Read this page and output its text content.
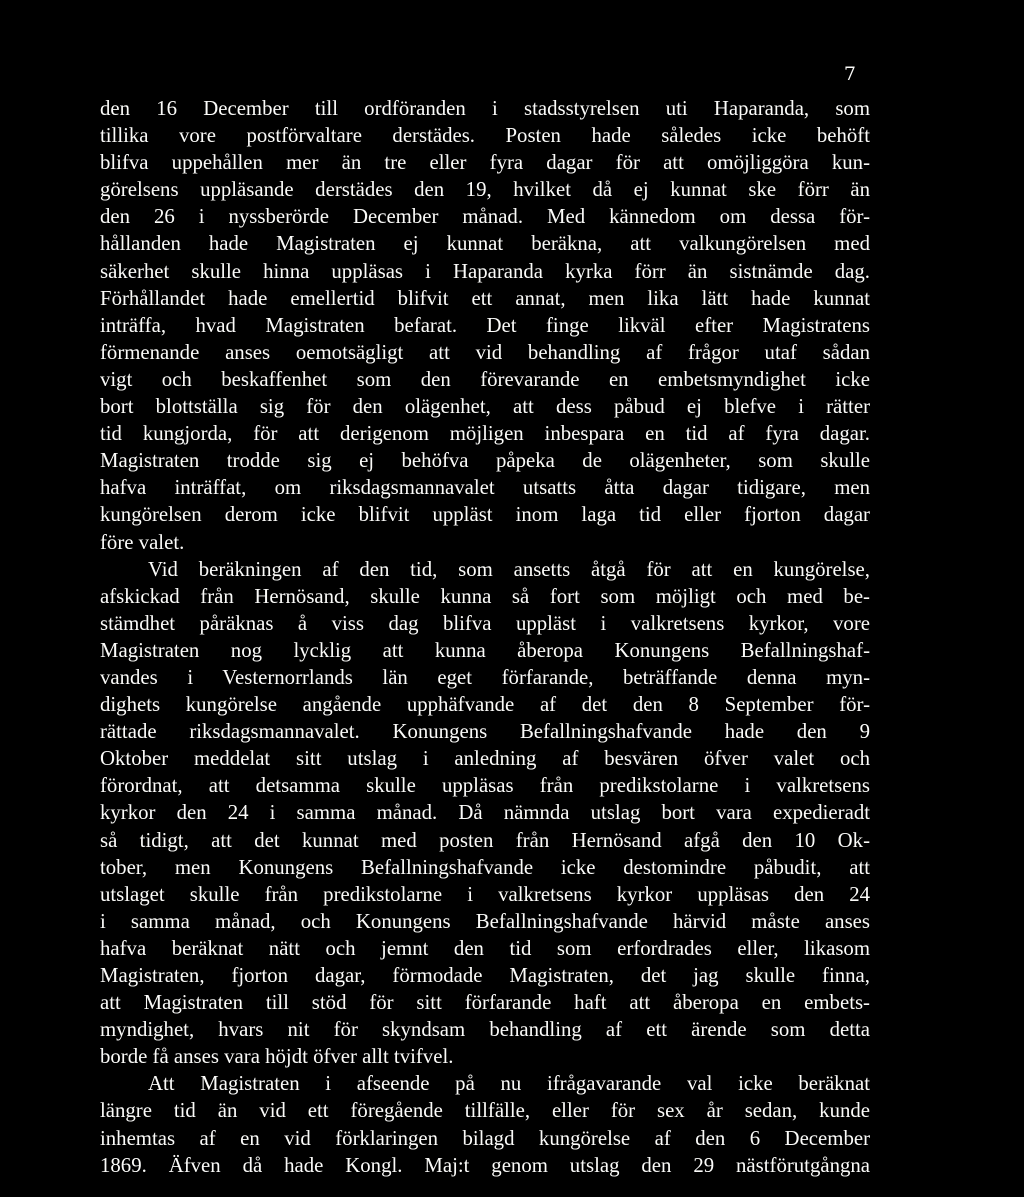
7
den 16 December till ordföranden i stadsstyrelsen uti Haparanda, som
tillika vore postförvaltare derstädes. Posten hade således icke behöft
blifva uppehållen mer än tre eller fyra dagar för att omöjliggöra kun-
görelsens uppläsande derstädes den 19, hvilket då ej kunnat ske förr än
den 26 i nyssberörde December månad. Med kännedom om dessa för-
hållanden hade Magistraten ej kunnat beräkna, att valkungörelsen med
säkerhet skulle hinna uppläsas i Haparanda kyrka förr än sistnämde dag.
Förhållandet hade emellertid blifvit ett annat, men lika lätt hade kunnat
inträffa, hvad Magistraten befarat. Det finge likväl efter Magistratens
förmenande anses oemotsägligt att vid behandling af frågor utaf sådan
vigt och beskaffenhet som den förevarande en embetsmyndighet icke
bort blottställa sig för den olägenhet, att dess påbud ej blefve i rätter
tid kungjorda, för att derigenom möjligen inbespara en tid af fyra dagar.
Magistraten trodde sig ej behöfva påpeka de olägenheter, som skulle
hafva inträffat, om riksdagsmannavalet utsatts åtta dagar tidigare, men
kungörelsen derom icke blifvit uppläst inom laga tid eller fjorton dagar
före valet.
Vid beräkningen af den tid, som ansetts åtgå för att en kungörelse,
afskickad från Hernösand, skulle kunna så fort som möjligt och med be-
stämdhet påräknas å viss dag blifva uppläst i valkretsens kyrkor, vore
Magistraten nog lycklig att kunna åberopa Konungens Befallningshaf-
vandes i Vesternorrlands län eget förfarande, beträffande denna myn-
dighets kungörelse angående upphäfvande af det den 8 September för-
rättade riksdagsmannavalet. Konungens Befallningshafvande hade den 9
Oktober meddelat sitt utslag i anledning af besvären öfver valet och
förordnat, att detsamma skulle uppläsas från predikstolarne i valkretsens
kyrkor den 24 i samma månad. Då nämnda utslag bort vara expedieradt
så tidigt, att det kunnat med posten från Hernösand afgå den 10 Ok-
tober, men Konungens Befallningshafvande icke destomindre påbudit, att
utslaget skulle från predikstolarne i valkretsens kyrkor uppläsas den 24
i samma månad, och Konungens Befallningshafvande härvid måste anses
hafva beräknat nätt och jemnt den tid som erfordrades eller, likasom
Magistraten, fjorton dagar, förmodade Magistraten, det jag skulle finna,
att Magistraten till stöd för sitt förfarande haft att åberopa en embets-
myndighet, hvars nit för skyndsam behandling af ett ärende som detta
borde få anses vara höjdt öfver allt tvifvel.
Att Magistraten i afseende på nu ifrågavarande val icke beräknat
längre tid än vid ett föregående tillfälle, eller för sex år sedan, kunde
inhemtas af en vid förklaringen bilagd kungörelse af den 6 December
1869. Äfven då hade Kongl. Maj:t genom utslag den 29 nästförutgångna
